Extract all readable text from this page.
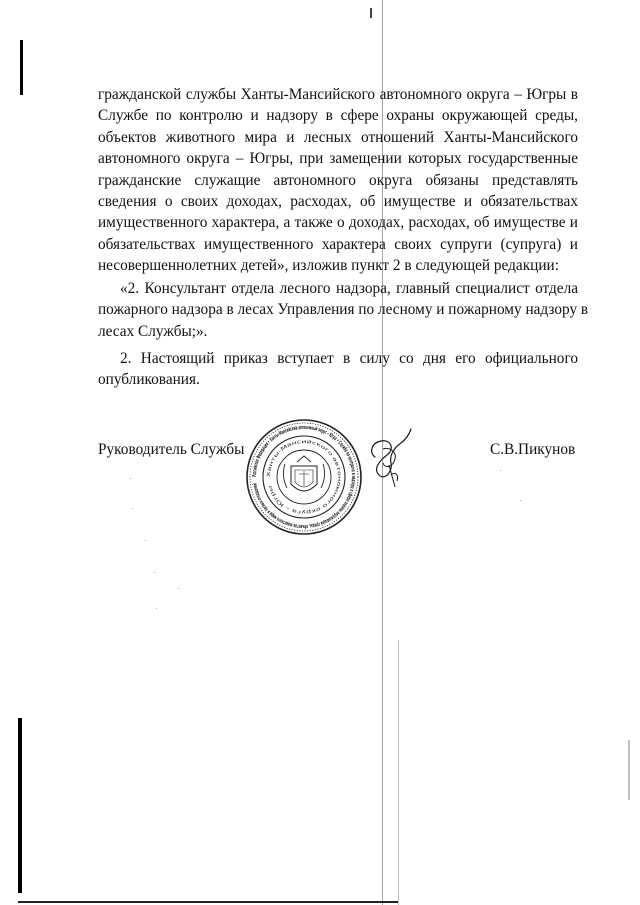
гражданской службы Ханты-Мансийского автономного округа – Югры в
Службе по контролю и надзору в сфере охраны окружающей среды,
объектов животного мира и лесных отношений Ханты-Мансийского
автономного округа – Югры, при замещении которых государственные
гражданские служащие автономного округа обязаны представлять
сведения о своих доходах, расходах, об имуществе и обязательствах
имущественного характера, а также о доходах, расходах, об имуществе и
обязательствах имущественного характера своих супруги (супруга) и
несовершеннолетних детей», изложив пункт 2 в следующей редакции:
«2. Консультант отдела лесного надзора, главный специалист отдела
пожарного надзора в лесах Управления по лесному и пожарному надзору в
лесах Службы;».
2. Настоящий приказ вступает в силу со дня его официального
опубликования.
Руководитель Службы
Российская Федерация • Ханты-Мансийский автономный округ – Югра • Служба по контролю и надзору в сфере охраны окружающей среды, объектов животного мира и лесных отношений
Ханты-Мансийского автономного округа – Югры
С.В.Пикунов
